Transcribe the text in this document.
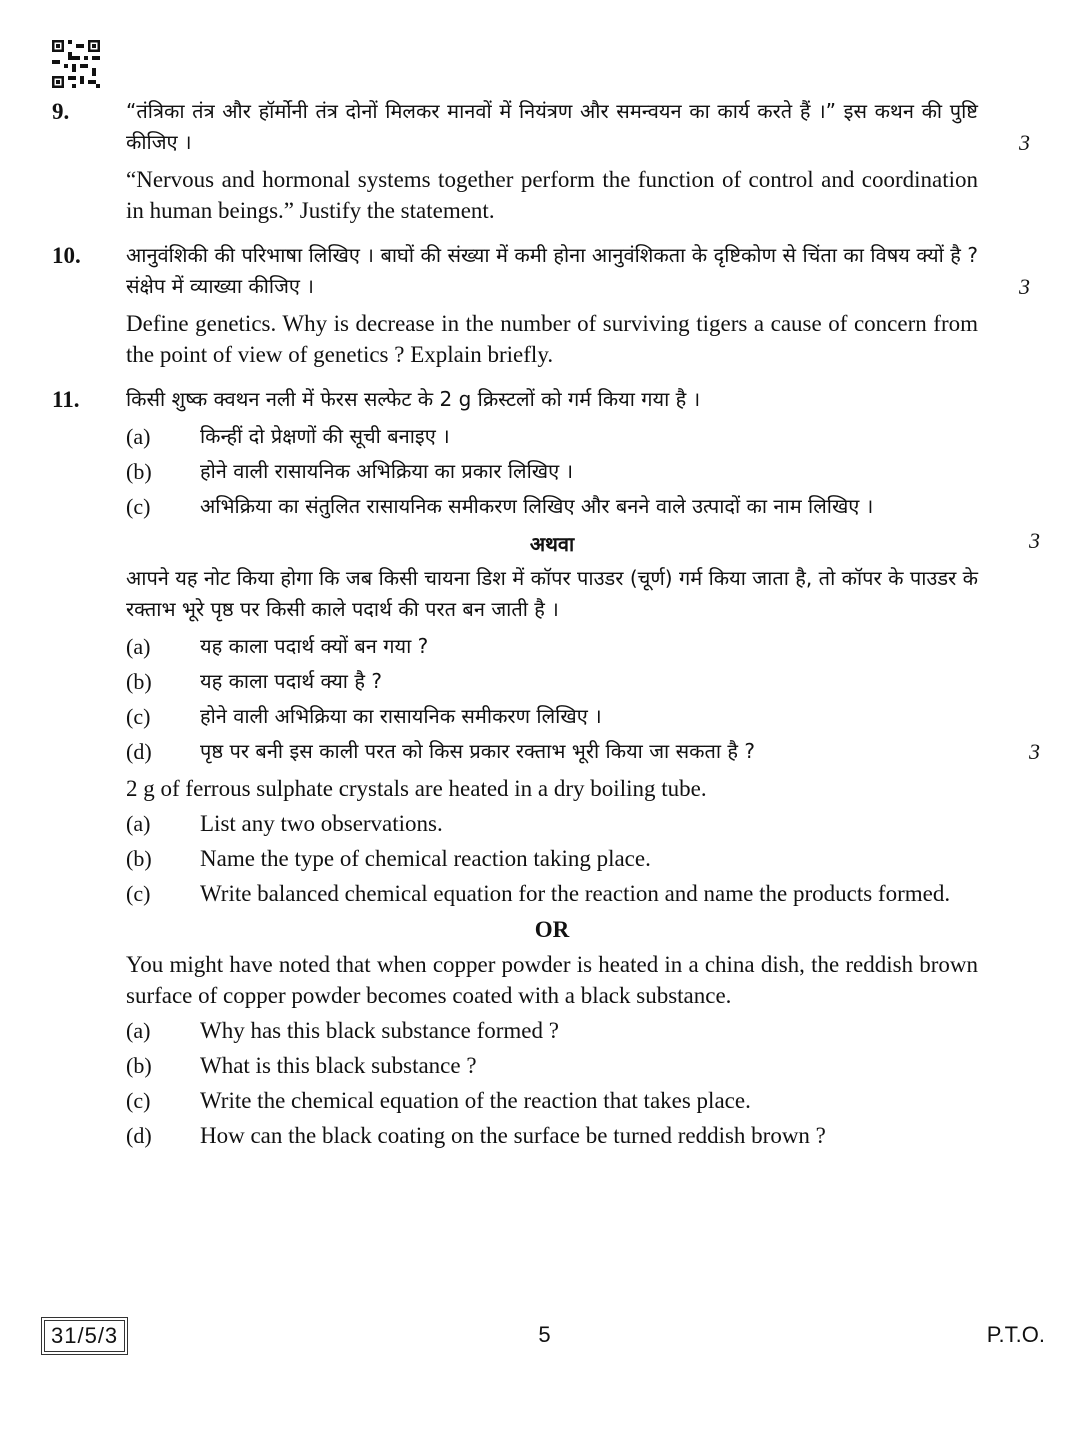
9.	“तंत्रिका तंत्र और हॉर्मोनी तंत्र दोनों मिलकर मानवों में नियंत्रण और समन्वयन का कार्य करते हैं ।” इस कथन की पुष्टि कीजिए ।	3

“Nervous and hormonal systems together perform the function of control and coordination in human beings.” Justify the statement.

10.	आनुवंशिकी की परिभाषा लिखिए । बाघों की संख्या में कमी होना आनुवंशिकता के दृष्टिकोण से चिंता का विषय क्यों है ? संक्षेप में व्याख्या कीजिए ।	3

Define genetics. Why is decrease in the number of surviving tigers a cause of concern from the point of view of genetics ? Explain briefly.

11.	किसी शुष्क क्वथन नली में फेरस सल्फेट के 2 g क्रिस्टलों को गर्म किया गया है ।

(a)	किन्हीं दो प्रेक्षणों की सूची बनाइए ।
(b)	होने वाली रासायनिक अभिक्रिया का प्रकार लिखिए ।
(c)	अभिक्रिया का संतुलित रासायनिक समीकरण लिखिए और बनने वाले उत्पादों का नाम लिखिए ।
3
अथवा

आपने यह नोट किया होगा कि जब किसी चायना डिश में कॉपर पाउडर (चूर्ण) गर्म किया जाता है, तो कॉपर के पाउडर के रक्ताभ भूरे पृष्ठ पर किसी काले पदार्थ की परत बन जाती है ।

(a)	यह काला पदार्थ क्यों बन गया ?
(b)	यह काला पदार्थ क्या है ?
(c)	होने वाली अभिक्रिया का रासायनिक समीकरण लिखिए ।
(d)	पृष्ठ पर बनी इस काली परत को किस प्रकार रक्ताभ भूरी किया जा सकता है ?	3

2 g of ferrous sulphate crystals are heated in a dry boiling tube.

(a)	List any two observations.
(b)	Name the type of chemical reaction taking place.
(c)	Write balanced chemical equation for the reaction and name the products formed.
OR

You might have noted that when copper powder is heated in a china dish, the reddish brown surface of copper powder becomes coated with a black substance.

(a)	Why has this black substance formed ?
(b)	What is this black substance ?
(c)	Write the chemical equation of the reaction that takes place.
(d)	How can the black coating on the surface be turned reddish brown ?
31/5/3	5	P.T.O.
